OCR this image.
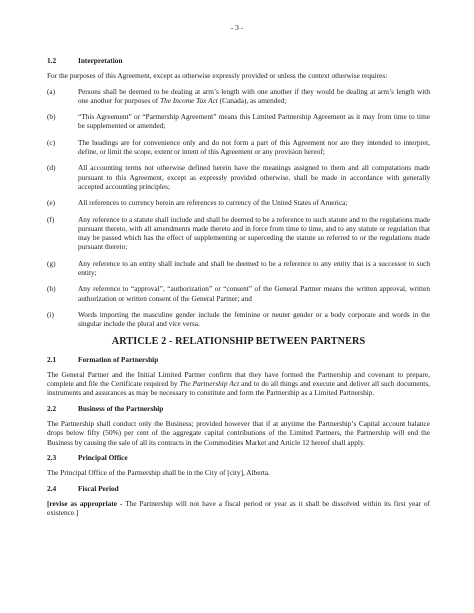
- 3 -
1.2	Interpretation

For the purposes of this Agreement, except as otherwise expressly provided or unless the context otherwise requires:

(a)	Persons shall be deemed to be dealing at arm’s length with one another if they would be dealing at arm’s length with one another for purposes of The Income Tax Act (Canada), as amended;
(b)	“This Agreement” or “Partnership Agreement” means this Limited Partnership Agreement as it may from time to time be supplemented or amended;
(c)	The headings are for convenience only and do not form a part of this Agreement nor are they intended to interpret, define, or limit the scope, extent or intent of this Agreement or any provision hereof;
(d)	All accounting terms not otherwise defined herein have the meanings assigned to them and all computations made pursuant to this Agreement, except as expressly provided otherwise, shall be made in accordance with generally accepted accounting principles;
(e)	All references to currency herein are references to currency of the United States of America;
(f)	Any reference to a statute shall include and shall be deemed to be a reference to such statute and to the regulations made pursuant thereto, with all amendments made thereto and in force from time to time, and to any statute or regulation that may be passed which has the effect of supplementing or superceding the statute so referred to or the regulations made pursuant thereto;
(g)	Any reference to an entity shall include and shall be deemed to be a reference to any entity that is a successor to such entity;
(h)	Any reference to “approval”, “authorization” or “consent” of the General Partner means the written approval, written authorization or written consent of the General Partner; and
(i)	Words importing the masculine gender include the feminine or neuter gender or a body corporate and words in the singular include the plural and vice versa.
ARTICLE 2 - RELATIONSHIP BETWEEN PARTNERS
2.1	Formation of Partnership

The General Partner and the Initial Limited Partner confirm that they have formed the Partnership and covenant to prepare, complete and file the Certificate required by The Partnership Act and to do all things and execute and deliver all such documents, instruments and assurances as may be necessary to constitute and form the Partnership as a Limited Partnership.

2.2	Business of the Partnership

The Partnership shall conduct only the Business; provided however that if at anytime the Partnership’s Capital account balance drops below fifty (50%) per cent of the aggregate capital contributions of the Limited Partners, the Partnership will end the Business by causing the sale of all its contracts in the Commodities Market and Article 12 hereof shall apply.

2.3	Principal Office

The Principal Office of the Partnership shall be in the City of [city], Alberta.

2.4	Fiscal Period

[revise as appropriate - The Partnership will not have a fiscal period or year as it shall be dissolved within its first year of existence.]
